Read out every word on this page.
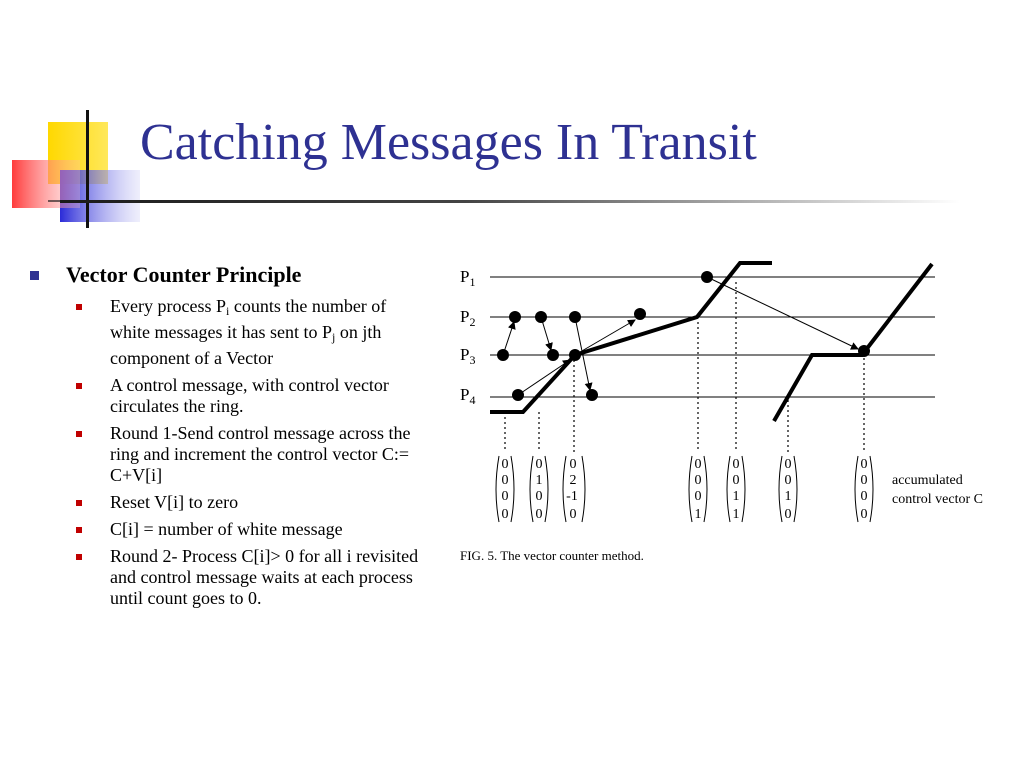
Catching Messages In Transit
Vector Counter Principle
Every process $P_i$ counts the number of white messages it has sent to $P_j$ on jth component of a Vector
A control message, with control vector circulates the ring.
Round 1-Send control message across the ring and increment the control vector C:= C+V[i]
Reset V[i] to zero
C[i] = number of white message
Round 2- Process C[i]> 0 for all i revisited and control message waits at each process until count goes to 0.
$P_1$
$P_2$
$P_3$
$P_4$
0
0
0
0
0
1
0
0
0
2
-1
0
0
0
0
1
0
0
1
1
0
0
1
0
0
0
0
0
accumulated
control vector C
FIG. 5. The vector counter method.
